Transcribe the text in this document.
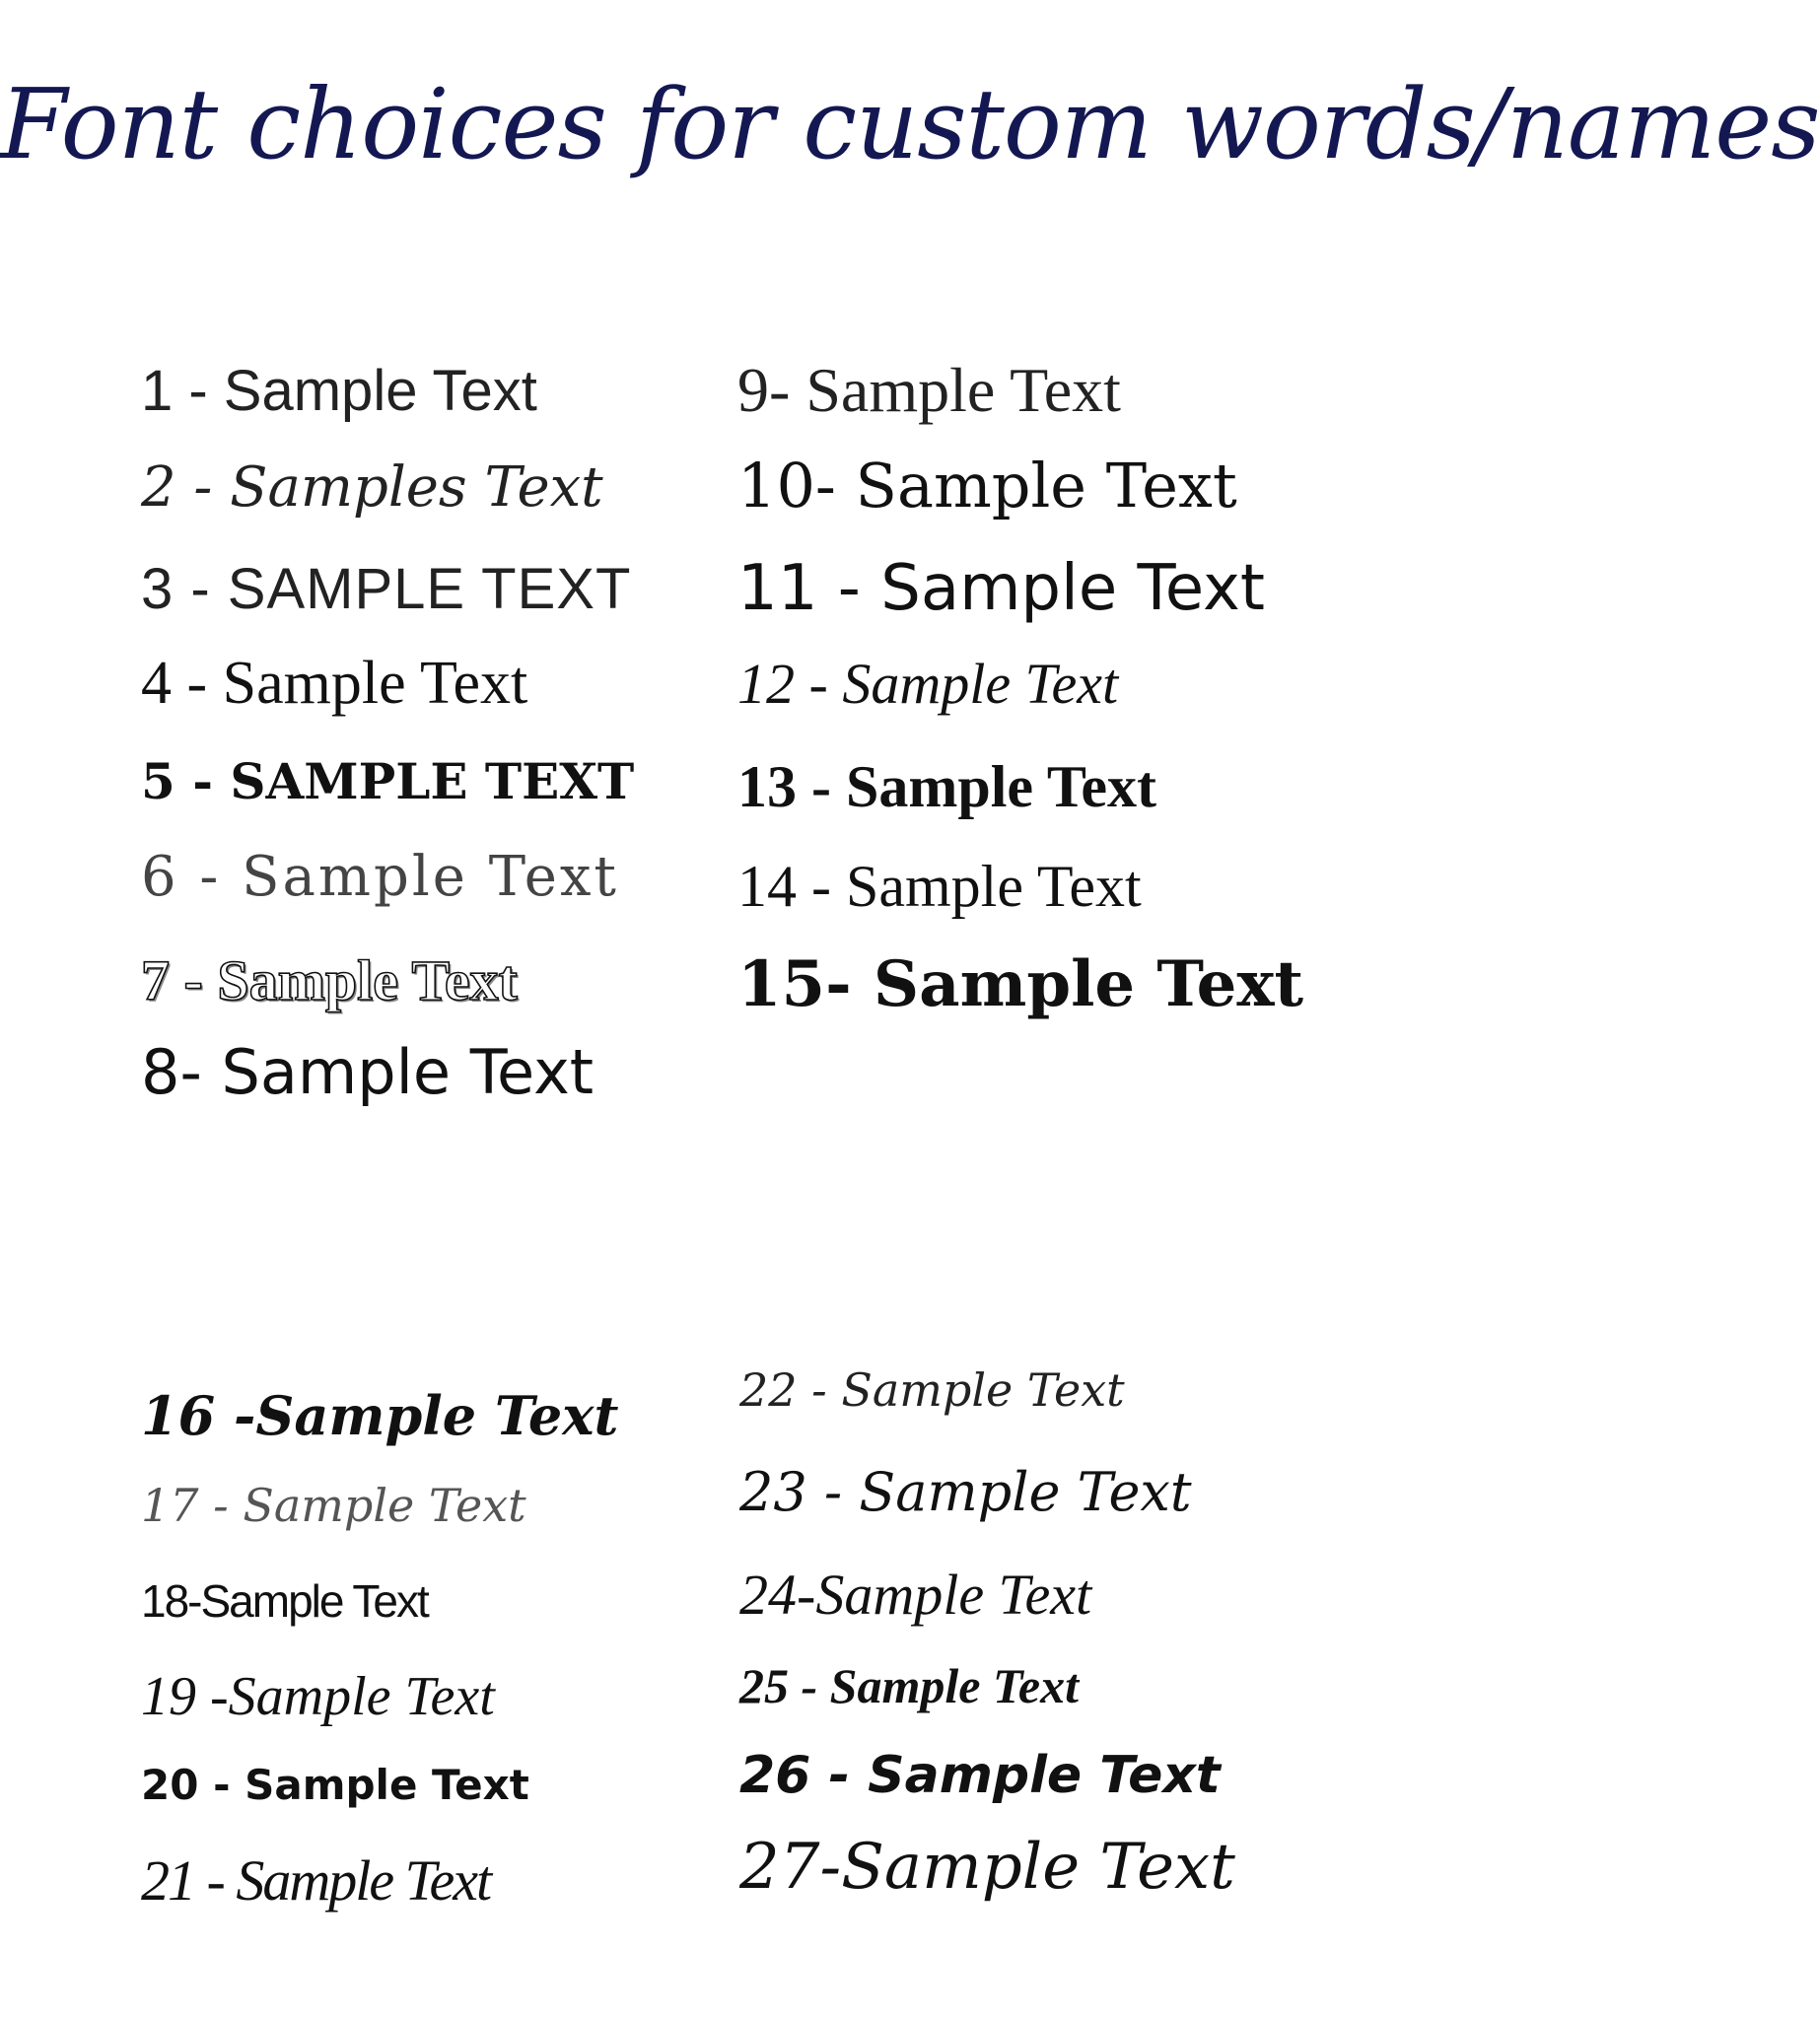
Font choices for custom words/names
1 - Sample Text
2 - Samples Text
3 - SAMPLE TEXT
4 - Sample Text
5 - SAMPLE TEXT
6 - Sample Text
7 - Sample Text
8- Sample Text
9- Sample Text
10- Sample Text
11 - Sample Text
12 - Sample Text
13 - Sample Text
14 - Sample Text
15- Sample Text
16 -Sample Text
17 - Sample Text
18-Sample Text
19 -Sample Text
20 - Sample Text
21 - Sample Text
22 - Sample Text
23 - Sample Text
24-Sample Text
25 - Sample Text
26 - Sample Text
27-Sample Text
